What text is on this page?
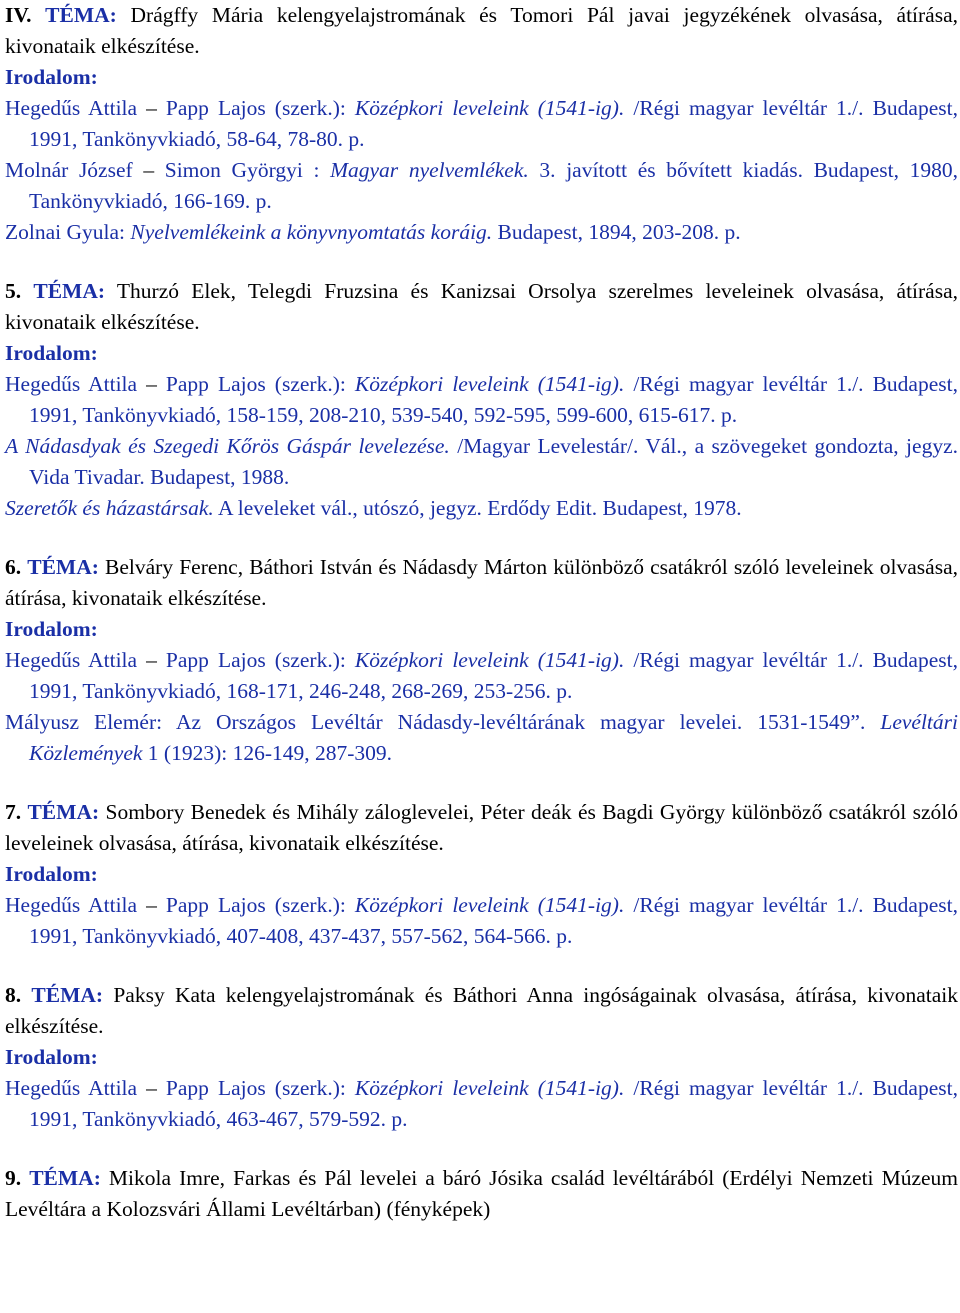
IV. TÉMA: Drágffy Mária kelengyelajstromának és Tomori Pál javai jegyzékének olvasása, átírása, kivonataik elkészítése.
Irodalom:
Hegedűs Attila – Papp Lajos (szerk.): Középkori leveleink (1541-ig). /Régi magyar levéltár 1./. Budapest, 1991, Tankönyvkiadó, 58-64, 78-80. p.
Molnár József – Simon Györgyi : Magyar nyelvemlékek. 3. javított és bővített kiadás. Budapest, 1980, Tankönyvkiadó, 166-169. p.
Zolnai Gyula: Nyelvemlékeink a könyvnyomtatás koráig. Budapest, 1894, 203-208. p.
5. TÉMA: Thurzó Elek, Telegdi Fruzsina és Kanizsai Orsolya szerelmes leveleinek olvasása, átírása, kivonataik elkészítése.
Irodalom:
Hegedűs Attila – Papp Lajos (szerk.): Középkori leveleink (1541-ig). /Régi magyar levéltár 1./. Budapest, 1991, Tankönyvkiadó, 158-159, 208-210, 539-540, 592-595, 599-600, 615-617. p.
A Nádasdyak és Szegedi Kőrös Gáspár levelezése. /Magyar Levelestár/. Vál., a szövegeket gondozta, jegyz. Vida Tivadar. Budapest, 1988.
Szeretők és házastársak. A leveleket vál., utószó, jegyz. Erdődy Edit. Budapest, 1978.
6. TÉMA: Belváry Ferenc, Báthori István és Nádasdy Márton különböző csatákról szóló leveleinek olvasása, átírása, kivonataik elkészítése.
Irodalom:
Hegedűs Attila – Papp Lajos (szerk.): Középkori leveleink (1541-ig). /Régi magyar levéltár 1./. Budapest, 1991, Tankönyvkiadó, 168-171, 246-248, 268-269, 253-256. p.
Mályusz Elemér: Az Országos Levéltár Nádasdy-levéltárának magyar levelei. 1531-1549”. Levéltári Közlemények 1 (1923): 126-149, 287-309.
7. TÉMA: Sombory Benedek és Mihály záloglevelei, Péter deák és Bagdi György különböző csatákról szóló leveleinek olvasása, átírása, kivonataik elkészítése.
Irodalom:
Hegedűs Attila – Papp Lajos (szerk.): Középkori leveleink (1541-ig). /Régi magyar levéltár 1./. Budapest, 1991, Tankönyvkiadó, 407-408, 437-437, 557-562, 564-566. p.
8. TÉMA: Paksy Kata kelengyelajstromának és Báthori Anna ingóságainak olvasása, átírása, kivonataik elkészítése.
Irodalom:
Hegedűs Attila – Papp Lajos (szerk.): Középkori leveleink (1541-ig). /Régi magyar levéltár 1./. Budapest, 1991, Tankönyvkiadó, 463-467, 579-592. p.
9. TÉMA: Mikola Imre, Farkas és Pál levelei a báró Jósika család levéltárából (Erdélyi Nemzeti Múzeum Levéltára a Kolozsvári Állami Levéltárban) (fényképek)
